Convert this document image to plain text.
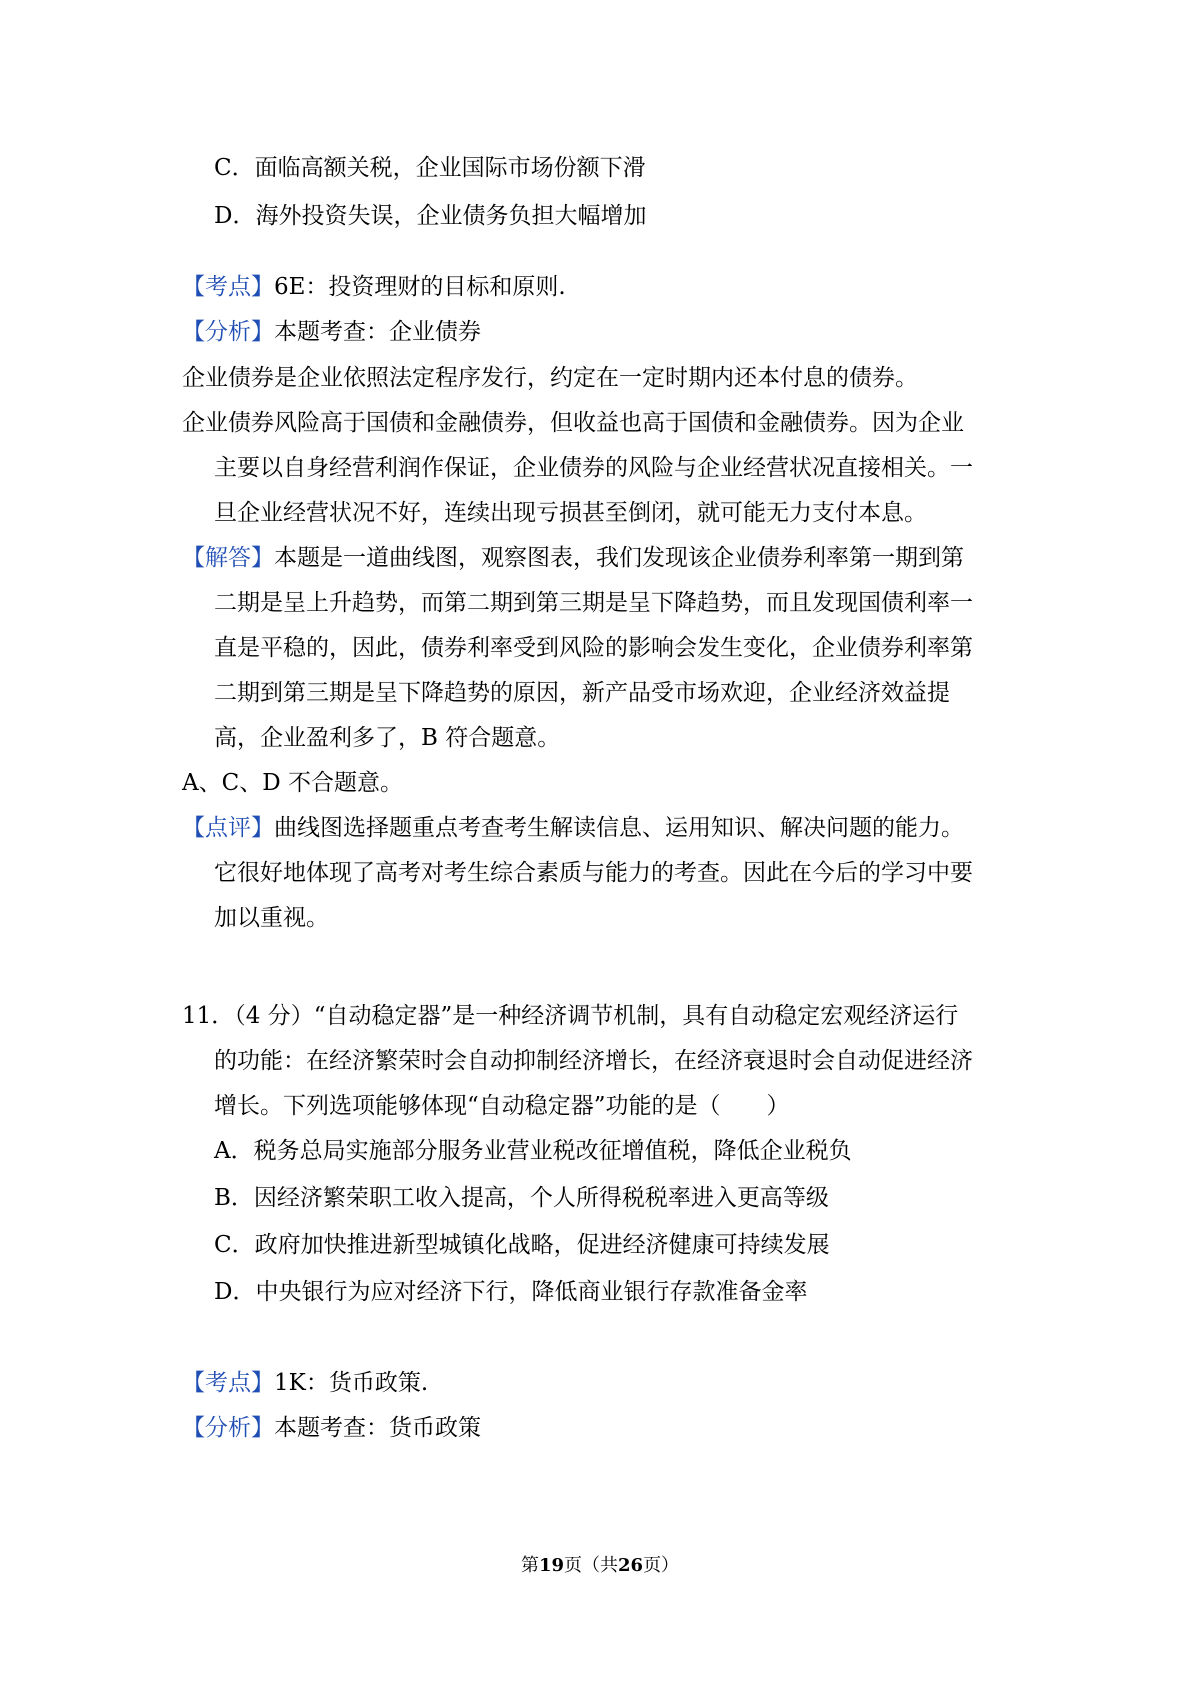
C．面临高额关税，企业国际市场份额下滑
D．海外投资失误，企业债务负担大幅增加
【考点】6E：投资理财的目标和原则.
【分析】本题考查：企业债券
企业债券是企业依照法定程序发行，约定在一定时期内还本付息的债券。
企业债券风险高于国债和金融债券，但收益也高于国债和金融债券。因为企业
主要以自身经营利润作保证，企业债券的风险与企业经营状况直接相关。一
旦企业经营状况不好，连续出现亏损甚至倒闭，就可能无力支付本息。
【解答】本题是一道曲线图，观察图表，我们发现该企业债券利率第一期到第
二期是呈上升趋势，而第二期到第三期是呈下降趋势，而且发现国债利率一
直是平稳的，因此，债券利率受到风险的影响会发生变化，企业债券利率第
二期到第三期是呈下降趋势的原因，新产品受市场欢迎，企业经济效益提
高，企业盈利多了，B 符合题意。
A、C、D 不合题意。
【点评】曲线图选择题重点考查考生解读信息、运用知识、解决问题的能力。
它很好地体现了高考对考生综合素质与能力的考查。因此在今后的学习中要
加以重视。
11．（4 分）“自动稳定器”是一种经济调节机制，具有自动稳定宏观经济运行
的功能：在经济繁荣时会自动抑制经济增长，在经济衰退时会自动促进经济
增长。下列选项能够体现“自动稳定器”功能的是（　　）
A．税务总局实施部分服务业营业税改征增值税，降低企业税负
B．因经济繁荣职工收入提高，个人所得税税率进入更高等级
C．政府加快推进新型城镇化战略，促进经济健康可持续发展
D．中央银行为应对经济下行，降低商业银行存款准备金率
【考点】1K：货币政策.
【分析】本题考查：货币政策
第19页（共26页）
